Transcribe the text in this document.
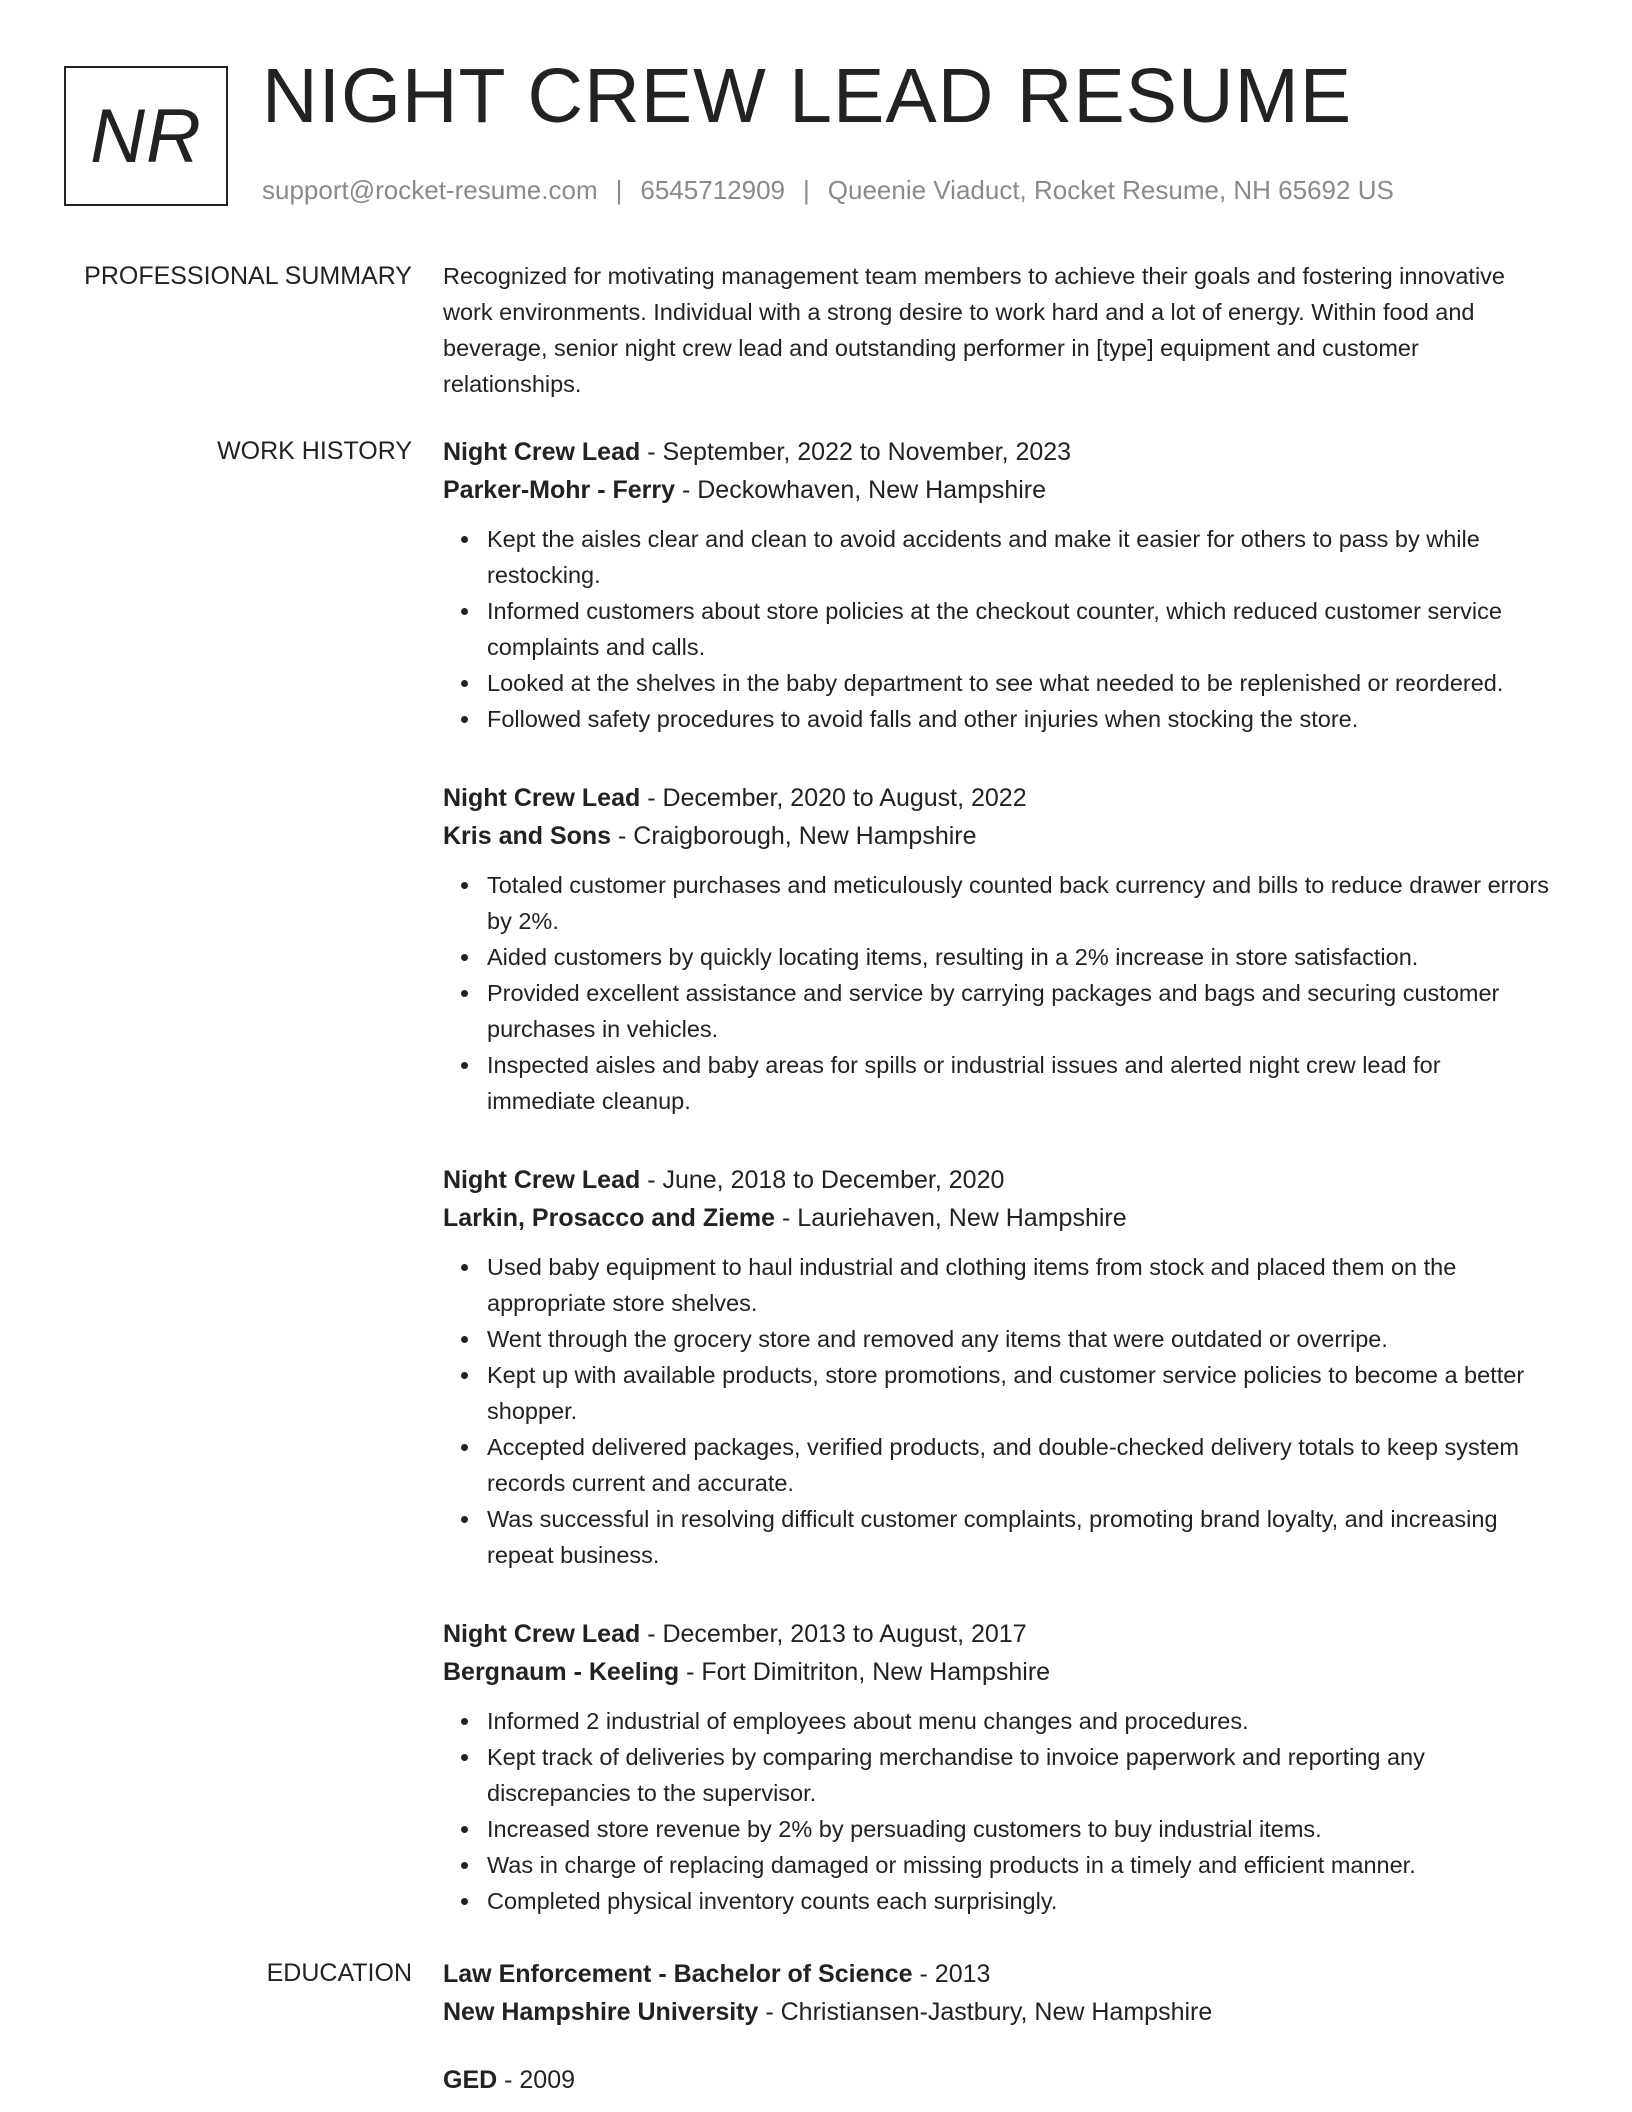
NR NIGHT CREW LEAD RESUME
support@rocket-resume.com | 6545712909 | Queenie Viaduct, Rocket Resume, NH 65692 US
PROFESSIONAL SUMMARY Recognized for motivating management team members to achieve their goals and fostering innovative work environments. Individual with a strong desire to work hard and a lot of energy. Within food and beverage, senior night crew lead and outstanding performer in [type] equipment and customer relationships.
WORK HISTORY Night Crew Lead - September, 2022 to November, 2023
Parker-Mohr - Ferry - Deckowhaven, New Hampshire
Kept the aisles clear and clean to avoid accidents and make it easier for others to pass by while restocking.
Informed customers about store policies at the checkout counter, which reduced customer service complaints and calls.
Looked at the shelves in the baby department to see what needed to be replenished or reordered.
Followed safety procedures to avoid falls and other injuries when stocking the store.
Night Crew Lead - December, 2020 to August, 2022
Kris and Sons - Craigborough, New Hampshire
Totaled customer purchases and meticulously counted back currency and bills to reduce drawer errors by 2%.
Aided customers by quickly locating items, resulting in a 2% increase in store satisfaction.
Provided excellent assistance and service by carrying packages and bags and securing customer purchases in vehicles.
Inspected aisles and baby areas for spills or industrial issues and alerted night crew lead for immediate cleanup.
Night Crew Lead - June, 2018 to December, 2020
Larkin, Prosacco and Zieme - Lauriehaven, New Hampshire
Used baby equipment to haul industrial and clothing items from stock and placed them on the appropriate store shelves.
Went through the grocery store and removed any items that were outdated or overripe.
Kept up with available products, store promotions, and customer service policies to become a better shopper.
Accepted delivered packages, verified products, and double-checked delivery totals to keep system records current and accurate.
Was successful in resolving difficult customer complaints, promoting brand loyalty, and increasing repeat business.
Night Crew Lead - December, 2013 to August, 2017
Bergnaum - Keeling - Fort Dimitriton, New Hampshire
Informed 2 industrial of employees about menu changes and procedures.
Kept track of deliveries by comparing merchandise to invoice paperwork and reporting any discrepancies to the supervisor.
Increased store revenue by 2% by persuading customers to buy industrial items.
Was in charge of replacing damaged or missing products in a timely and efficient manner.
Completed physical inventory counts each surprisingly.
EDUCATION Law Enforcement - Bachelor of Science - 2013
New Hampshire University - Christiansen-Jastbury, New Hampshire
GED - 2009
